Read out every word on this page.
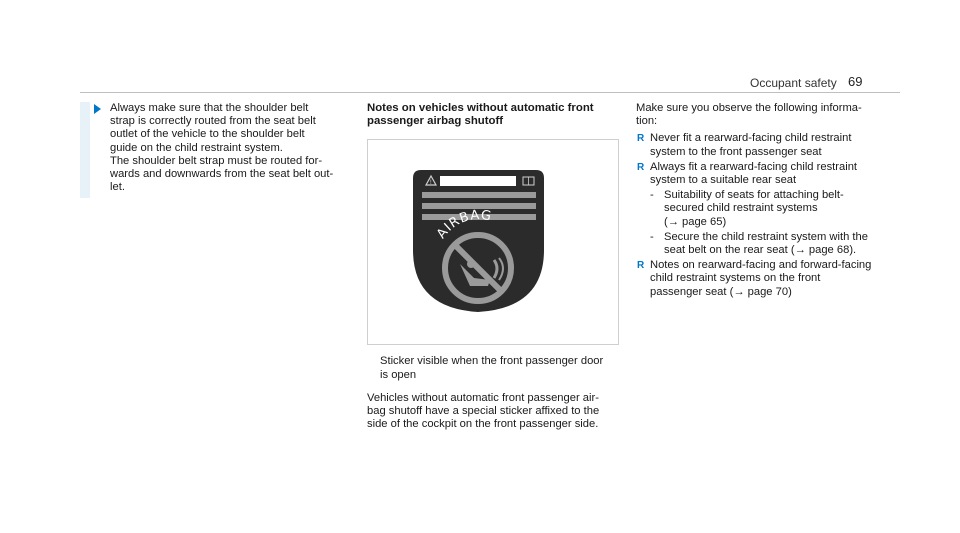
Occupant safety 69
Always make sure that the shoulder belt
strap is correctly routed from the seat belt
outlet of the vehicle to the shoulder belt
guide on the child restraint system.
The shoulder belt strap must be routed for-
wards and downwards from the seat belt out-
let.
Notes on vehicles without automatic front
passenger airbag shutoff
!
AIRBAG
Sticker visible when the front passenger door
is open
Vehicles without automatic front passenger air-
bag shutoff have a special sticker affixed to the
side of the cockpit on the front passenger side.
Make sure you observe the following informa-
tion:
R Never fit a rearward-facing child restraint
system to the front passenger seat
R Always fit a rearward-facing child restraint
system to a suitable rear seat
- Suitability of seats for attaching belt-
secured child restraint systems
(→ page 65)
- Secure the child restraint system with the
seat belt on the rear seat (→ page 68).
R Notes on rearward-facing and forward-facing
child restraint systems on the front
passenger seat (→ page 70)
